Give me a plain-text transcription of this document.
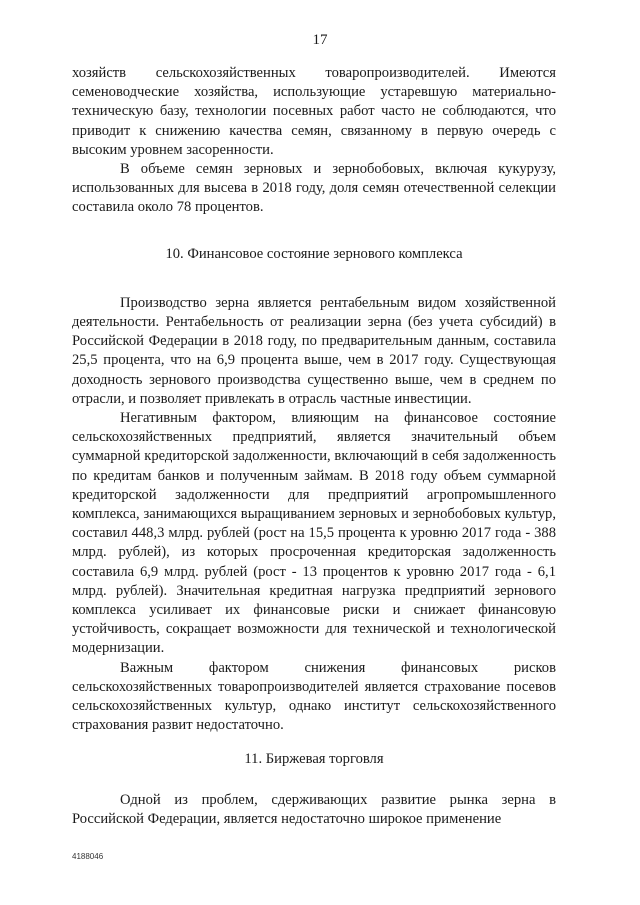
17

хозяйств сельскохозяйственных товаропроизводителей. Имеются семеноводческие хозяйства, использующие устаревшую материально-техническую базу, технологии посевных работ часто не соблюдаются, что приводит к снижению качества семян, связанному в первую очередь с высоким уровнем засоренности.

В объеме семян зерновых и зернобобовых, включая кукурузу, использованных для высева в 2018 году, доля семян отечественной селекции составила около 78 процентов.

10. Финансовое состояние зернового комплекса

Производство зерна является рентабельным видом хозяйственной деятельности. Рентабельность от реализации зерна (без учета субсидий) в Российской Федерации в 2018 году, по предварительным данным, составила 25,5 процента, что на 6,9 процента выше, чем в 2017 году. Существующая доходность зернового производства существенно выше, чем в среднем по отрасли, и позволяет привлекать в отрасль частные инвестиции.

Негативным фактором, влияющим на финансовое состояние сельскохозяйственных предприятий, является значительный объем суммарной кредиторской задолженности, включающий в себя задолженность по кредитам банков и полученным займам. В 2018 году объем суммарной кредиторской задолженности для предприятий агропромышленного комплекса, занимающихся выращиванием зерновых и зернобобовых культур, составил 448,3 млрд. рублей (рост на 15,5 процента к уровню 2017 года - 388 млрд. рублей), из которых просроченная кредиторская задолженность составила 6,9 млрд. рублей (рост - 13 процентов к уровню 2017 года - 6,1 млрд. рублей). Значительная кредитная нагрузка предприятий зернового комплекса усиливает их финансовые риски и снижает финансовую устойчивость, сокращает возможности для технической и технологической модернизации.

Важным фактором снижения финансовых рисков сельскохозяйственных товаропроизводителей является страхование посевов сельскохозяйственных культур, однако институт сельскохозяйственного страхования развит недостаточно.

11. Биржевая торговля

Одной из проблем, сдерживающих развитие рынка зерна в Российской Федерации, является недостаточно широкое применение

4188046
